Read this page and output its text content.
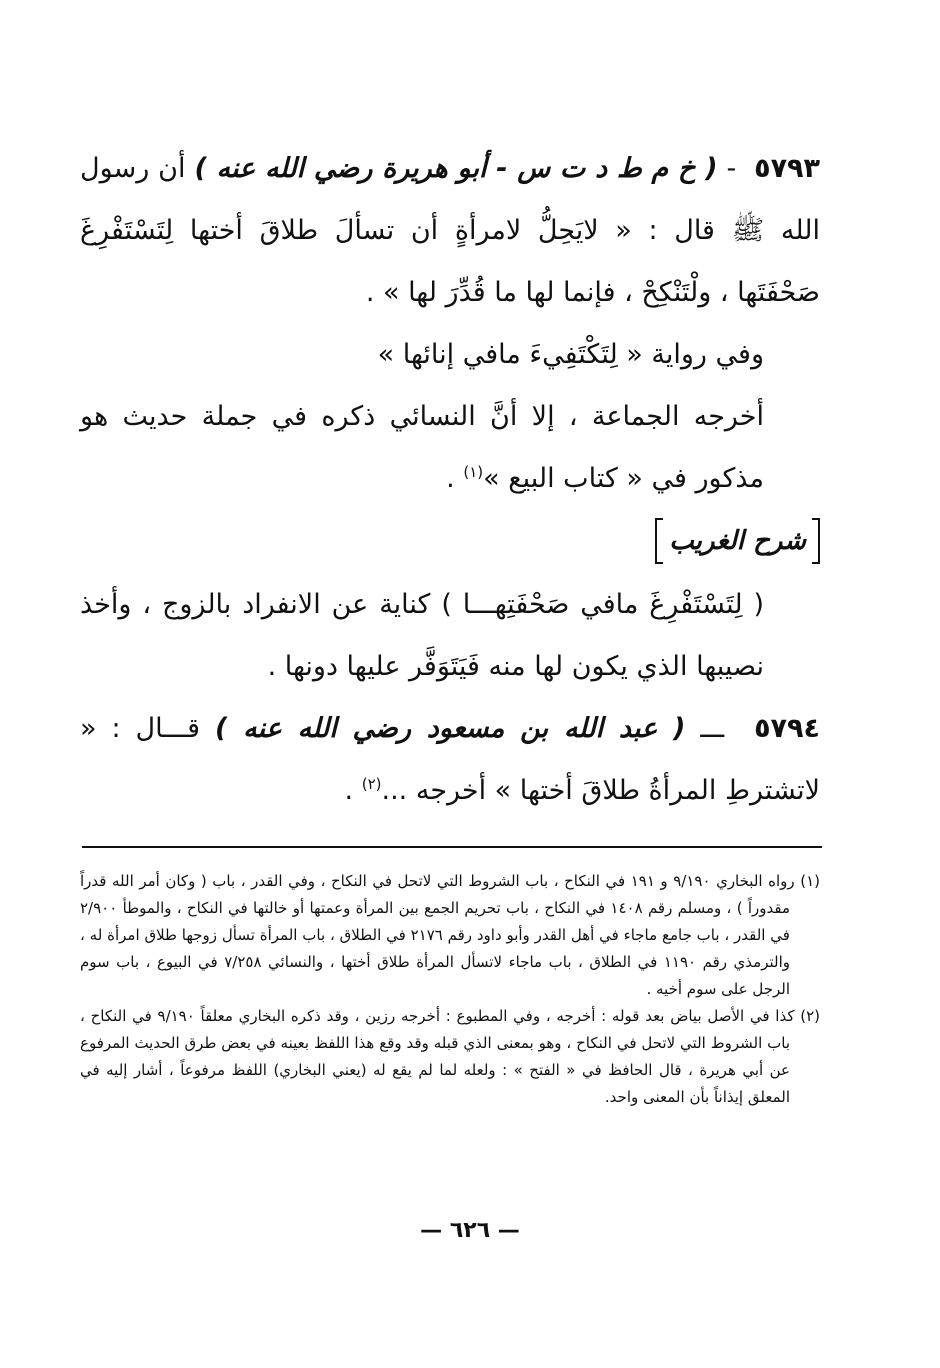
٥٧٩٣  - ( خ م ط د ت س - أبو هريرة رضي الله عنه ) أن رسول الله ﷺ قال : « لايَحِلُّ لامرأةٍ أن تسألَ طلاقَ أختها لِتَسْتَفْرِغَ صَحْفَتَها ، ولْتَنْكِحْ ، فإنما لها ما قُدِّرَ لها » .

وفي رواية « لِتَكْتَفِيءَ مافي إنائها »

أخرجه الجماعة ، إلا أنَّ النسائي ذكره في جملة حديث هو مذكور في « كتاب البيع »$^{(١)}$ .

شرح الغريب

( لِتَسْتَفْرِغَ مافي صَحْفَتِهـــا ) كناية عن الانفراد بالزوج ، وأخذ نصيبها الذي يكون لها منه فَيَتَوَفَّر عليها دونها .

٥٧٩٤  ـــ ( عبد الله بن مسعود رضي الله عنه ) قـــال : « لاتشترطِ المرأةُ طلاقَ أختها » أخرجه ...$^{(٢)}$ .

(١) رواه البخاري ٩/١٩٠ و ١٩١ في النكاح ، باب الشروط التي لاتحل في النكاح ، وفي القدر ، باب ( وكان أمر الله قدراً مقدوراً ) ، ومسلم رقم ١٤٠٨ في النكاح ، باب تحريم الجمع بين المرأة وعمتها أو خالتها في النكاح ، والموطأ ٢/٩٠٠ في القدر ، باب جامع ماجاء في أهل القدر وأبو داود رقم ٢١٧٦ في الطلاق ، باب المرأة تسأل زوجها طلاق امرأة له ، والترمذي رقم ١١٩٠ في الطلاق ، باب ماجاء لاتسأل المرأة طلاق أختها ، والنسائي ٧/٢٥٨ في البيوع ، باب سوم الرجل على سوم أخيه .

(٢) كذا في الأصل بياض بعد قوله : أخرجه ، وفي المطبوع : أخرجه رزين ، وقد ذكره البخاري معلقاً ٩/١٩٠ في النكاح ، باب الشروط التي لاتحل في النكاح ، وهو بمعنى الذي قبله وقد وقع هذا اللفظ بعينه في بعض طرق الحديث المرفوع عن أبي هريرة ، قال الحافظ في « الفتح » : ولعله لما لم يقع له (يعني البخاري) اللفظ مرفوعاً ، أشار إليه في المعلق إيذاناً بأن المعنى واحد.

— ٦٢٦ —
